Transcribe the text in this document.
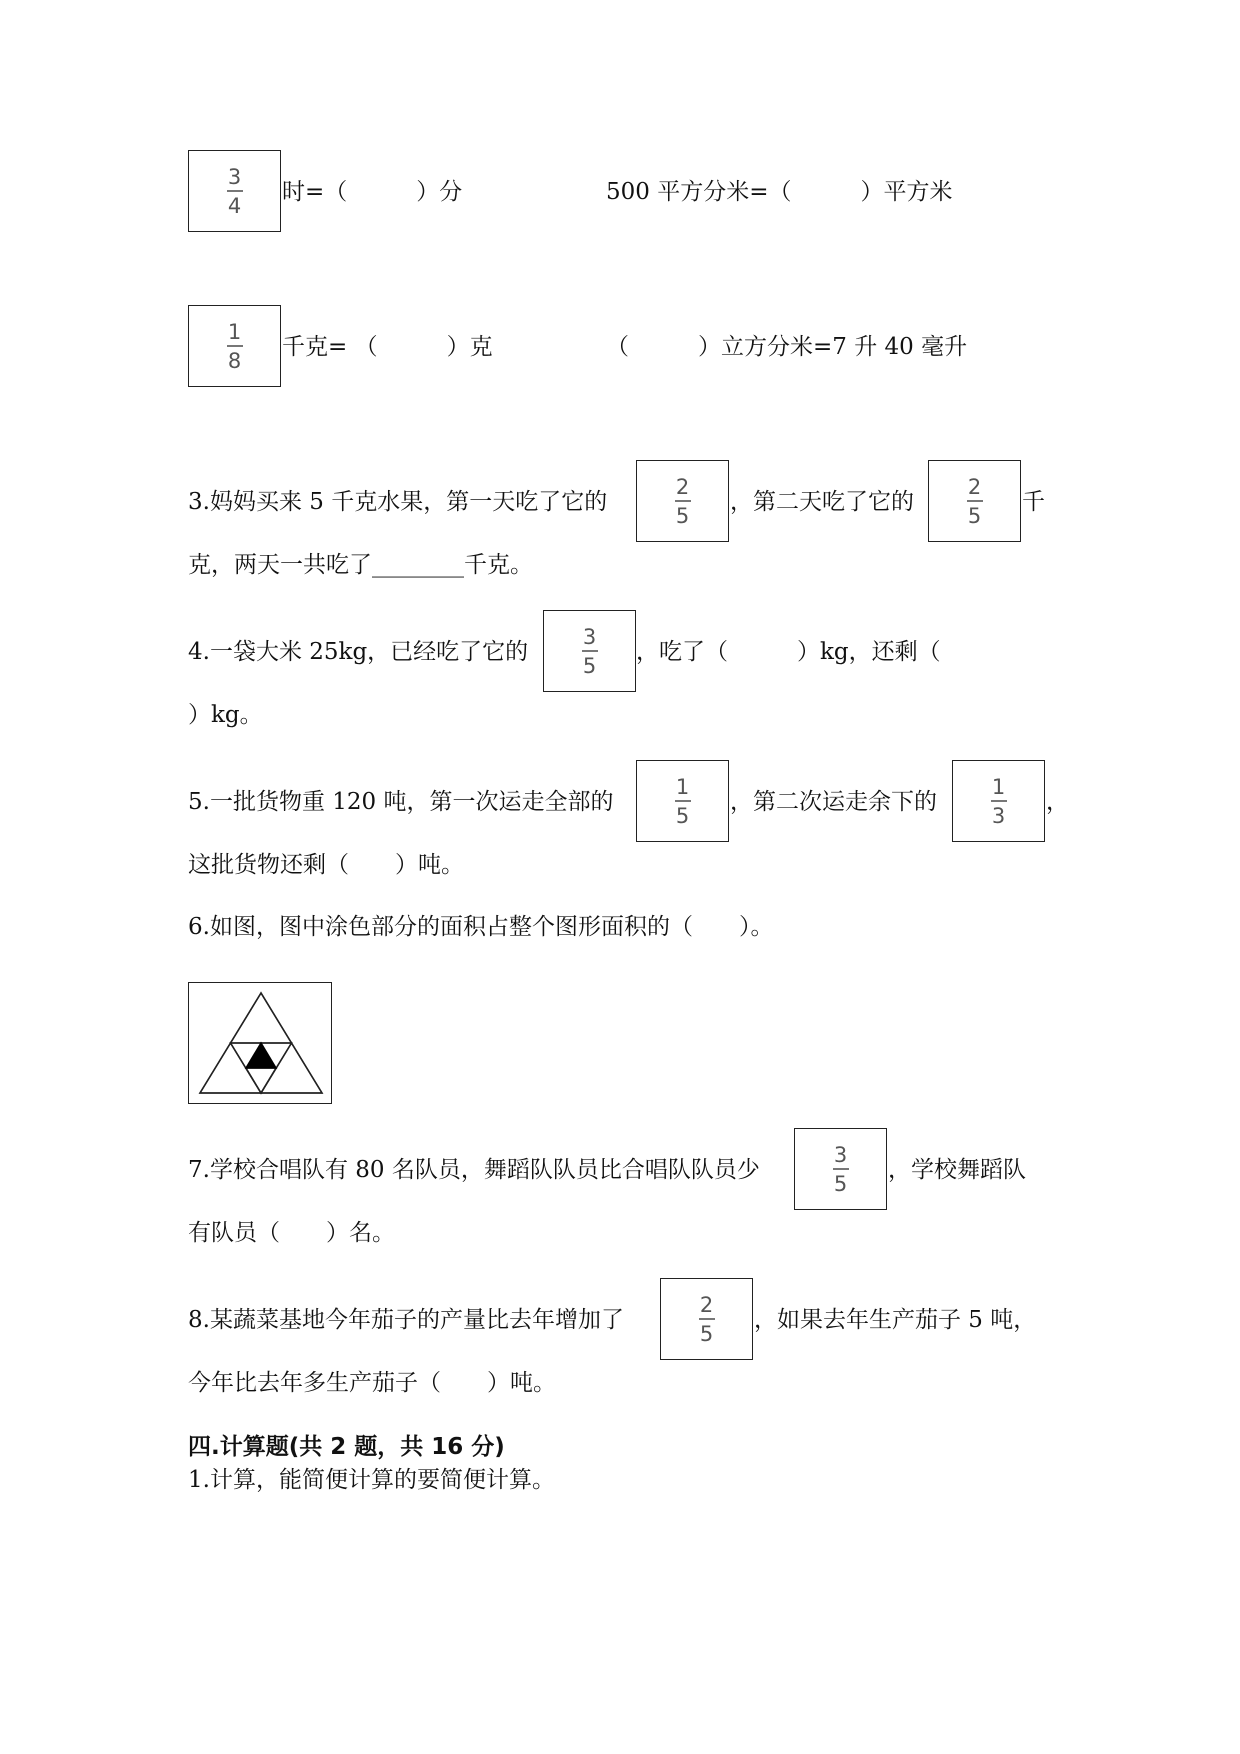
3
4
时=（　　　）分	500 平方分米=（　　　）平方米
1
8
千克= （　　　）克	（　　　）立方分米=7 升 40 毫升
3.妈妈买来 5 千克水果，第一天吃了它的
2
5
，第二天吃了它的
2
5
千
克，两天一共吃了________千克。
4.一袋大米 25kg，已经吃了它的
3
5
，吃了（　　　）kg，还剩（
）kg。
5.一批货物重 120 吨，第一次运走全部的
1
5
，第二次运走余下的
1
3
，
这批货物还剩（　　）吨。
6.如图，图中涂色部分的面积占整个图形面积的（　　）。
7.学校合唱队有 80 名队员，舞蹈队队员比合唱队队员少
3
5
，学校舞蹈队
有队员（　　）名。
8.某蔬菜基地今年茄子的产量比去年增加了
2
5
，如果去年生产茄子 5 吨，
今年比去年多生产茄子（　　）吨。
四.计算题(共 2 题，共 16 分)
1.计算，能简便计算的要简便计算。
